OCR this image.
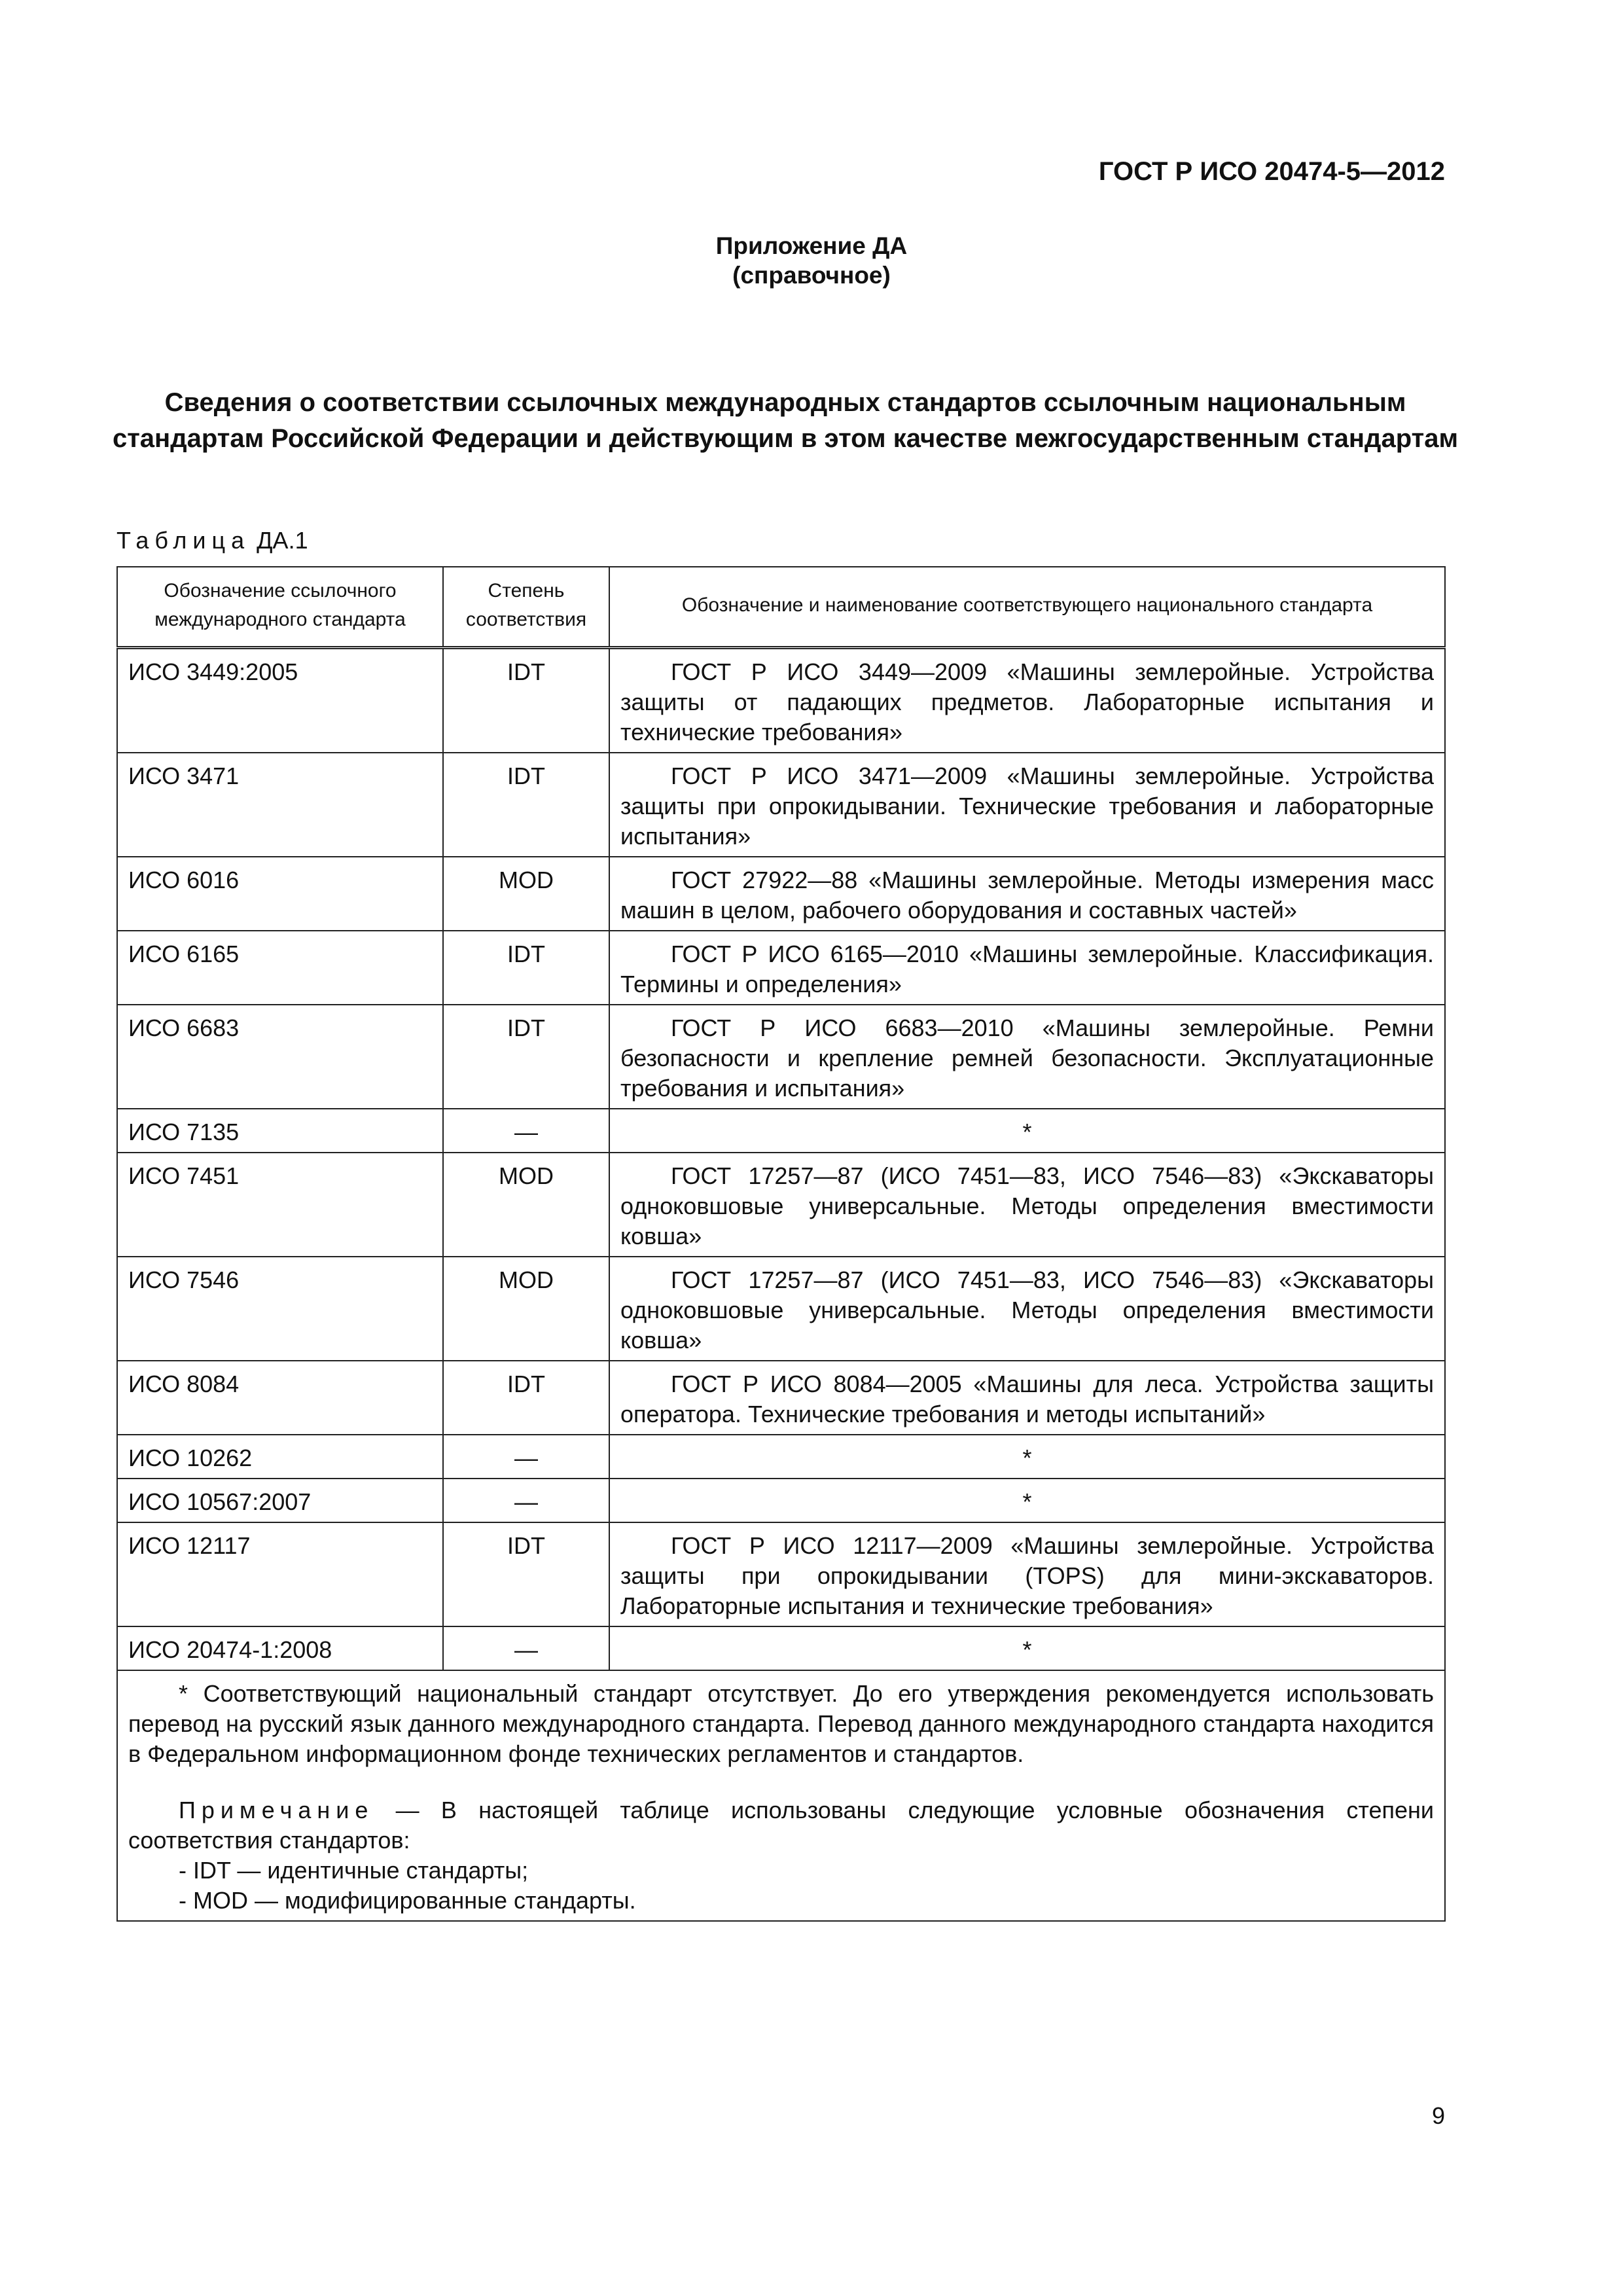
ГОСТ Р ИСО 20474-5—2012
Приложение ДА
(справочное)
Сведения о соответствии ссылочных международных стандартов ссылочным национальным стандартам Российской Федерации и действующим в этом качестве межгосударственным стандартам
Таблица ДА.1
Обозначение ссылочного международного стандарта	Степень соответствия	Обозначение и наименование соответствующего национального стандарта
ИСО 3449:2005	IDT	ГОСТ Р ИСО 3449—2009 «Машины землеройные. Устройства защиты от падающих предметов. Лабораторные испытания и технические требования»

ИСО 3471	IDT	ГОСТ Р ИСО 3471—2009 «Машины землеройные. Устройства защиты при опрокидывании. Технические требования и лабораторные испытания»

ИСО 6016	MOD	ГОСТ 27922—88 «Машины землеройные. Методы измерения масс машин в целом, рабочего оборудования и составных частей»

ИСО 6165	IDT	ГОСТ Р ИСО 6165—2010 «Машины землеройные. Классификация. Термины и определения»

ИСО 6683	IDT	ГОСТ Р ИСО 6683—2010 «Машины землеройные. Ремни безопасности и крепление ремней безопасности. Эксплуатационные требования и испытания»

ИСО 7135	—	*
ИСО 7451	MOD	ГОСТ 17257—87 (ИСО 7451—83, ИСО 7546—83) «Экскаваторы одноковшовые универсальные. Методы определения вместимости ковша»

ИСО 7546	MOD	ГОСТ 17257—87 (ИСО 7451—83, ИСО 7546—83) «Экскаваторы одноковшовые универсальные. Методы определения вместимости ковша»

ИСО 8084	IDT	ГОСТ Р ИСО 8084—2005 «Машины для леса. Устройства защиты оператора. Технические требования и методы испытаний»

ИСО 10262	—	*
ИСО 10567:2007	—	*
ИСО 12117	IDT	ГОСТ Р ИСО 12117—2009 «Машины землеройные. Устройства защиты при опрокидывании (TOPS) для мини-экскаваторов. Лабораторные испытания и технические требования»

ИСО 20474-1:2008	—	*

* Соответствующий национальный стандарт отсутствует. До его утверждения рекомендуется использовать перевод на русский язык данного международного стандарта. Перевод данного международного стандарта находится в Федеральном информационном фонде технических регламентов и стандартов.
Примечание — В настоящей таблице использованы следующие условные обозначения степени соответствия стандартов:
- IDT — идентичные стандарты;
- MOD — модифицированные стандарты.		
9
